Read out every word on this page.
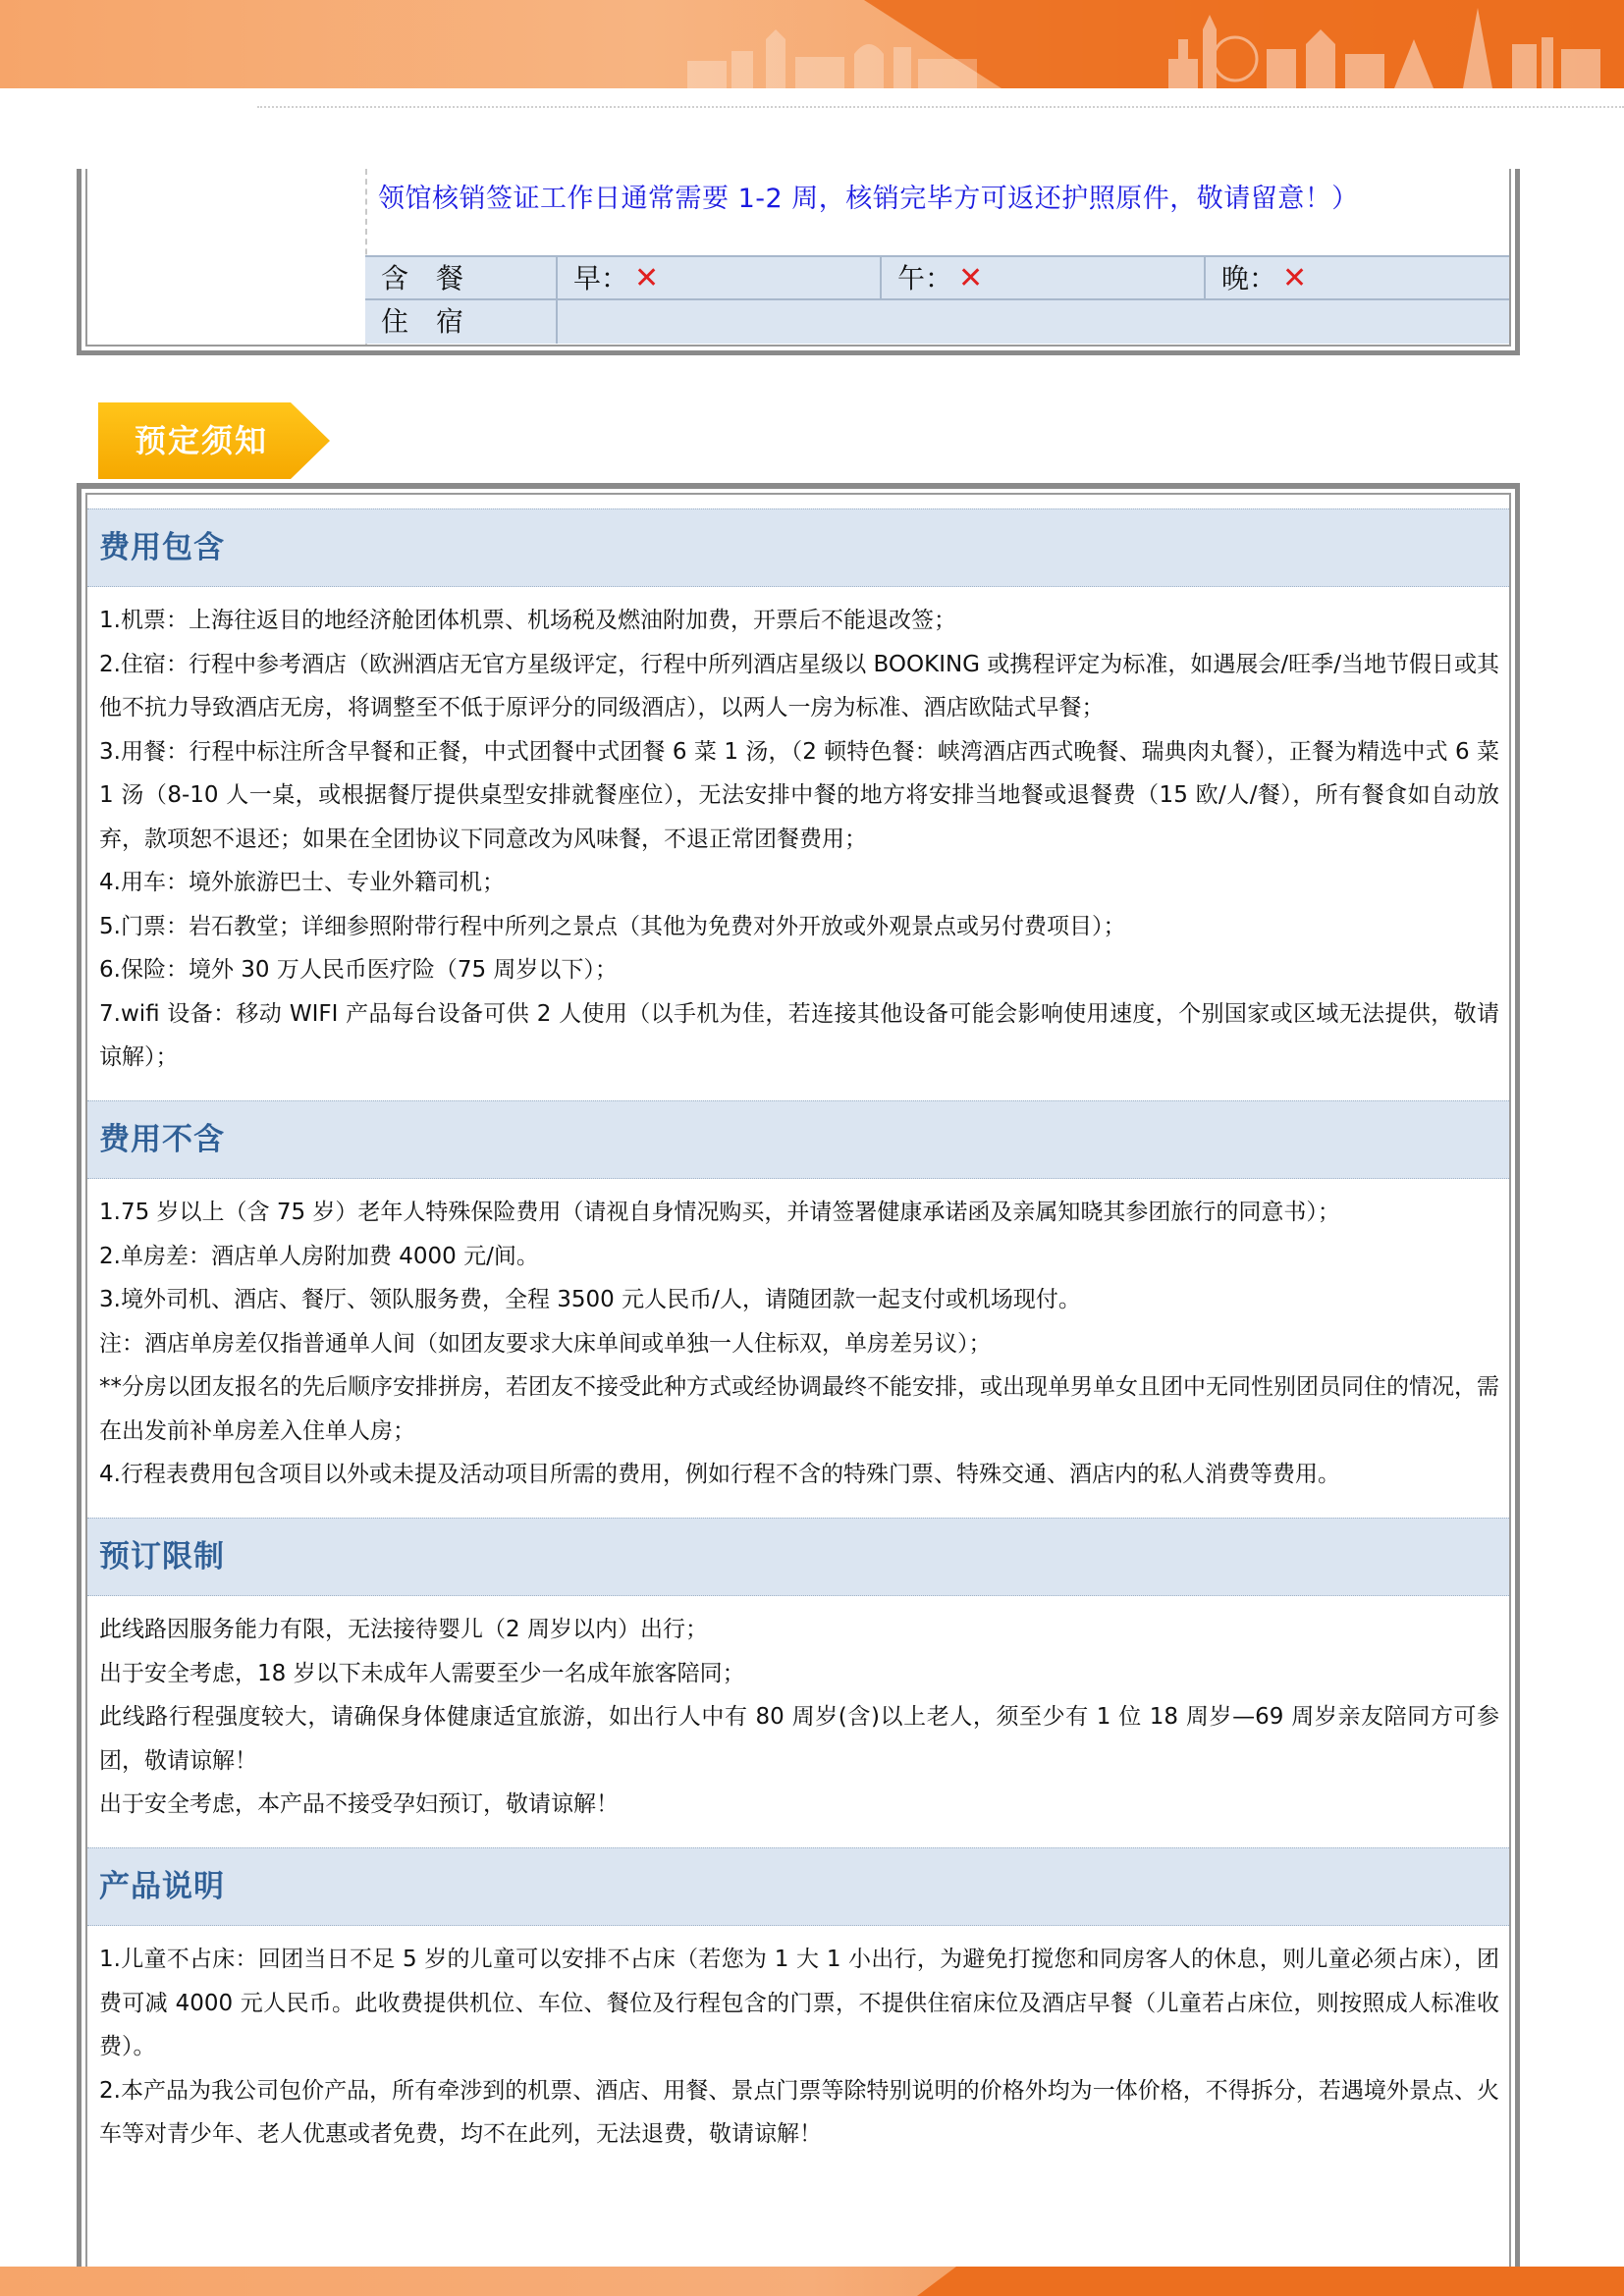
领馆核销签证工作日通常需要 1-2 周，核销完毕方可返还护照原件，敬请留意！）
含　餐	早： ✕	午： ✕	晚： ✕
住　宿
预定须知
费用包含

1.机票：上海往返目的地经济舱团体机票、机场税及燃油附加费，开票后不能退改签；

2.住宿：行程中参考酒店（欧洲酒店无官方星级评定，行程中所列酒店星级以 BOOKING 或携程评定为标准，如遇展会/旺季/当地节假日或其他不抗力导致酒店无房，将调整至不低于原评分的同级酒店），以两人一房为标准、酒店欧陆式早餐；

3.用餐：行程中标注所含早餐和正餐，中式团餐中式团餐 6 菜 1 汤，（2 顿特色餐：峡湾酒店西式晚餐、瑞典肉丸餐），正餐为精选中式 6 菜 1 汤（8-10 人一桌，或根据餐厅提供桌型安排就餐座位），无法安排中餐的地方将安排当地餐或退餐费（15 欧/人/餐），所有餐食如自动放弃，款项恕不退还；如果在全团协议下同意改为风味餐，不退正常团餐费用；

4.用车：境外旅游巴士、专业外籍司机；

5.门票：岩石教堂；详细参照附带行程中所列之景点（其他为免费对外开放或外观景点或另付费项目）；

6.保险：境外 30 万人民币医疗险（75 周岁以下）；

7.wifi 设备：移动 WIFI 产品每台设备可供 2 人使用（以手机为佳，若连接其他设备可能会影响使用速度，个别国家或区域无法提供，敬请谅解）；

费用不含

1.75 岁以上（含 75 岁）老年人特殊保险费用（请视自身情况购买，并请签署健康承诺函及亲属知晓其参团旅行的同意书）；

2.单房差：酒店单人房附加费 4000 元/间。

3.境外司机、酒店、餐厅、领队服务费，全程 3500 元人民币/人，请随团款一起支付或机场现付。

注：酒店单房差仅指普通单人间（如团友要求大床单间或单独一人住标双，单房差另议）；

**分房以团友报名的先后顺序安排拼房，若团友不接受此种方式或经协调最终不能安排，或出现单男单女且团中无同性别团员同住的情况，需在出发前补单房差入住单人房；

4.行程表费用包含项目以外或未提及活动项目所需的费用，例如行程不含的特殊门票、特殊交通、酒店内的私人消费等费用。

预订限制

此线路因服务能力有限，无法接待婴儿（2 周岁以内）出行；

出于安全考虑，18 岁以下未成年人需要至少一名成年旅客陪同；

此线路行程强度较大，请确保身体健康适宜旅游，如出行人中有 80 周岁(含)以上老人，须至少有 1 位 18 周岁—69 周岁亲友陪同方可参团，敬请谅解！

出于安全考虑，本产品不接受孕妇预订，敬请谅解！

产品说明

1.儿童不占床：回团当日不足 5 岁的儿童可以安排不占床（若您为 1 大 1 小出行，为避免打搅您和同房客人的休息，则儿童必须占床），团费可减 4000 元人民币。此收费提供机位、车位、餐位及行程包含的门票，不提供住宿床位及酒店早餐（儿童若占床位，则按照成人标准收费）。

2.本产品为我公司包价产品，所有牵涉到的机票、酒店、用餐、景点门票等除特别说明的价格外均为一体价格，不得拆分，若遇境外景点、火车等对青少年、老人优惠或者免费，均不在此列，无法退费，敬请谅解！
